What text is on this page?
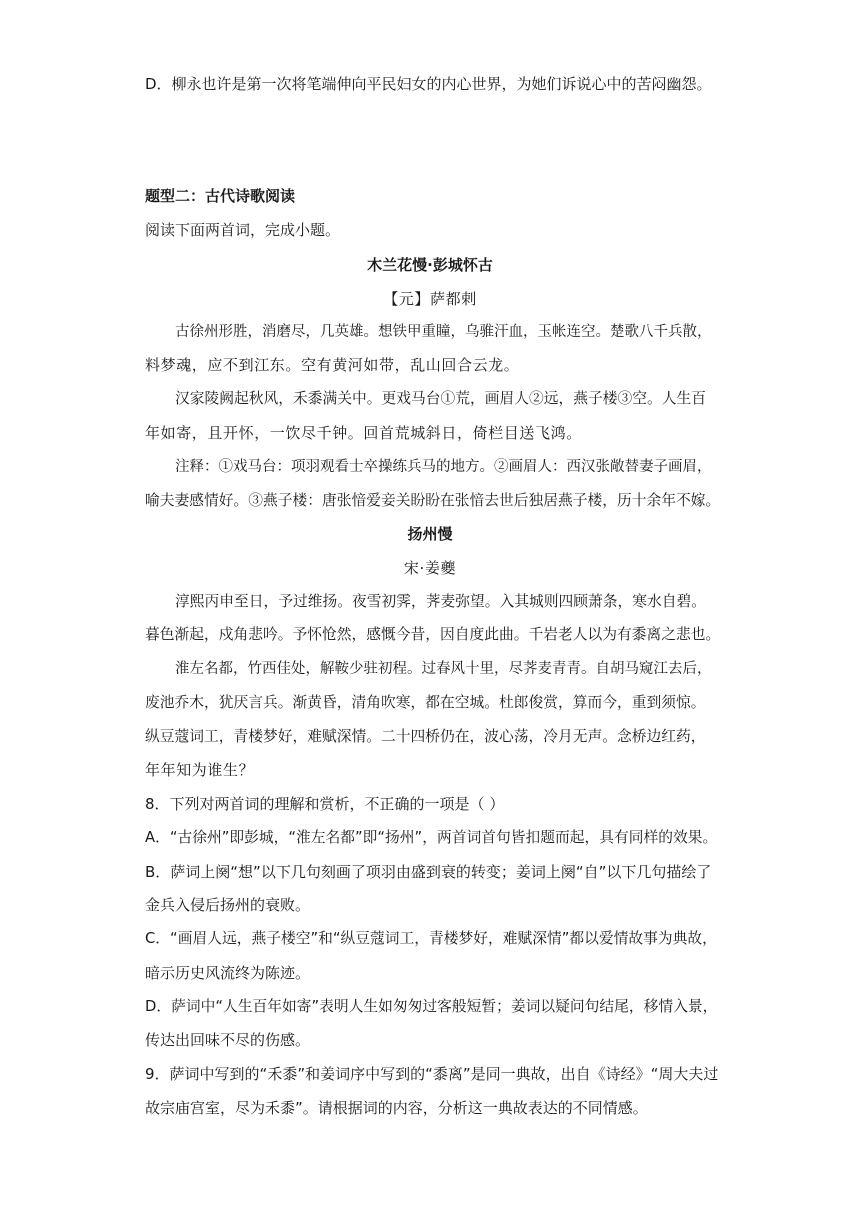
D．柳永也许是第一次将笔端伸向平民妇女的内心世界，为她们诉说心中的苦闷幽怨。
题型二：古代诗歌阅读
阅读下面两首词，完成小题。
木兰花慢·彭城怀古
【元】萨都剌
古徐州形胜，消磨尽，几英雄。想铁甲重瞳，乌骓汗血，玉帐连空。楚歌八千兵散，
料梦魂，应不到江东。空有黄河如带，乱山回合云龙。
汉家陵阙起秋风，禾黍满关中。更戏马台①荒，画眉人②远，燕子楼③空。人生百
年如寄，且开怀，一饮尽千钟。回首荒城斜日，倚栏目送飞鸿。
注释：①戏马台：项羽观看士卒操练兵马的地方。②画眉人：西汉张敞替妻子画眉，
喻夫妻感情好。③燕子楼：唐张愔爱妾关盼盼在张愔去世后独居燕子楼，历十余年不嫁。
扬州慢
宋·姜夔
淳熙丙申至日，予过维扬。夜雪初霁，荠麦弥望。入其城则四顾萧条，寒水自碧。
暮色渐起，戍角悲吟。予怀怆然，感慨今昔，因自度此曲。千岩老人以为有黍离之悲也。
淮左名都，竹西佳处，解鞍少驻初程。过春风十里，尽荠麦青青。自胡马窥江去后，
废池乔木，犹厌言兵。渐黄昏，清角吹寒，都在空城。杜郎俊赏，算而今，重到须惊。
纵豆蔻词工，青楼梦好，难赋深情。二十四桥仍在，波心荡，冷月无声。念桥边红药，
年年知为谁生？
8．下列对两首词的理解和赏析，不正确的一项是（ ）
A．“古徐州”即彭城，“淮左名都”即“扬州”，两首词首句皆扣题而起，具有同样的效果。
B．萨词上阕“想”以下几句刻画了项羽由盛到衰的转变；姜词上阕“自”以下几句描绘了
金兵入侵后扬州的衰败。
C．“画眉人远，燕子楼空”和“纵豆蔻词工，青楼梦好，难赋深情”都以爱情故事为典故，
暗示历史风流终为陈迹。
D．萨词中“人生百年如寄”表明人生如匆匆过客般短暂；姜词以疑问句结尾，移情入景，
传达出回味不尽的伤感。
9．萨词中写到的“禾黍”和姜词序中写到的“黍离”是同一典故，出自《诗经》“周大夫过
故宗庙宫室，尽为禾黍”。请根据词的内容，分析这一典故表达的不同情感。
